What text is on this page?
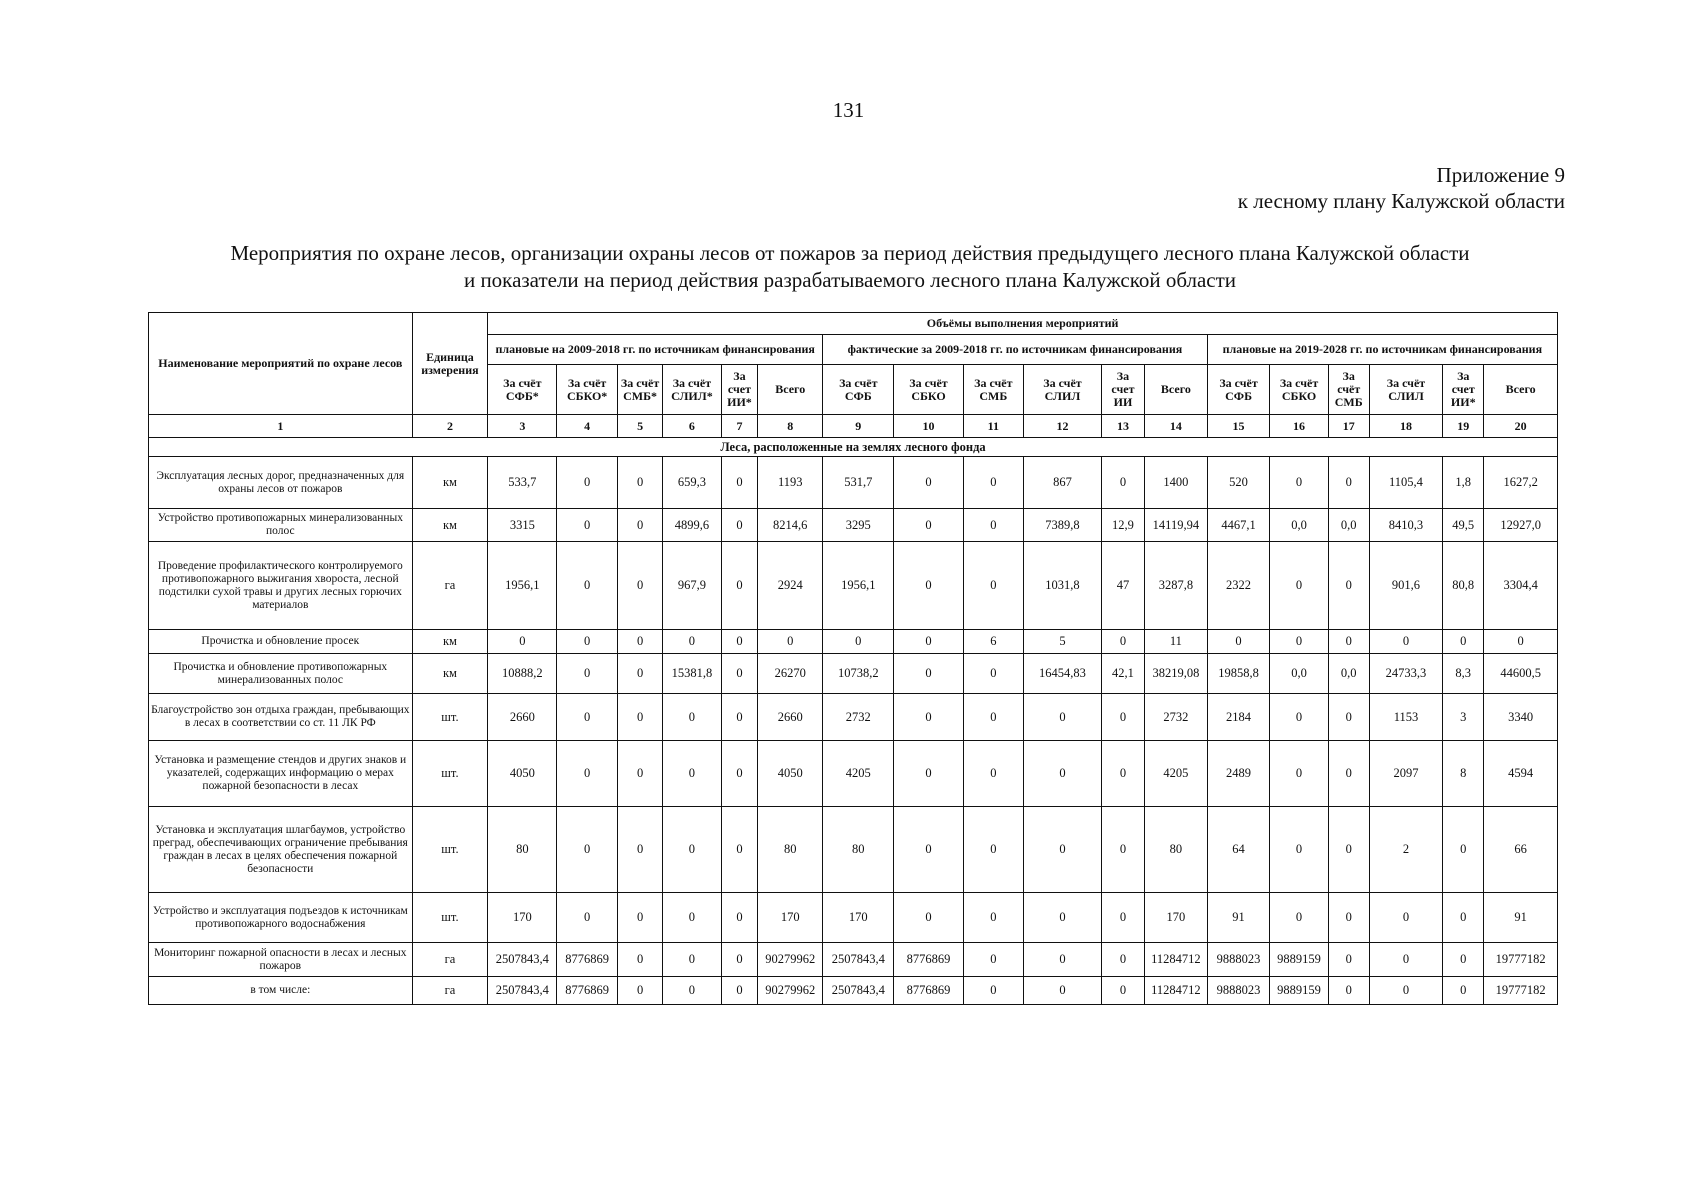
131
Приложение 9
к лесному плану Калужской области
Мероприятия по охране лесов, организации охраны лесов от пожаров за период действия предыдущего лесного плана Калужской области
и показатели на период действия разрабатываемого лесного плана Калужской области
Наименование мероприятий по охране лесов	Единица измерения	Объёмы выполнения мероприятий																	
		плановые на 2009-2018 гг. по источникам финансирования						фактические за 2009-2018 гг. по источникам финансирования						плановые на 2019-2028 гг. по источникам финансирования					
		За счёт СФБ*	За счёт СБКО*	За счёт СМБ*	За счёт СЛИЛ*	За счет ИИ*	Всего	За счёт СФБ	За счёт СБКО	За счёт СМБ	За счёт СЛИЛ	За счет ИИ	Всего	За счёт СФБ	За счёт СБКО	За счёт СМБ	За счёт СЛИЛ	За счет ИИ*	Всего
1	2	3	4	5	6	7	8	9	10	11	12	13	14	15	16	17	18	19	20
Леса, расположенные на землях лесного фонда																			
Эксплуатация лесных дорог, предназначенных для охраны лесов от пожаров	км	533,7	0	0	659,3	0	1193	531,7	0	0	867	0	1400	520	0	0	1105,4	1,8	1627,2
Устройство противопожарных минерализованных полос	км	3315	0	0	4899,6	0	8214,6	3295	0	0	7389,8	12,9	14119,94	4467,1	0,0	0,0	8410,3	49,5	12927,0
Проведение профилактического контролируемого противопожарного выжигания хвороста, лесной подстилки сухой травы и других лесных горючих материалов	га	1956,1	0	0	967,9	0	2924	1956,1	0	0	1031,8	47	3287,8	2322	0	0	901,6	80,8	3304,4
Прочистка и обновление просек	км	0	0	0	0	0	0	0	0	6	5	0	11	0	0	0	0	0	0
Прочистка и обновление противопожарных минерализованных полос	км	10888,2	0	0	15381,8	0	26270	10738,2	0	0	16454,83	42,1	38219,08	19858,8	0,0	0,0	24733,3	8,3	44600,5
Благоустройство зон отдыха граждан, пребывающих в лесах в соответствии со ст. 11 ЛК РФ	шт.	2660	0	0	0	0	2660	2732	0	0	0	0	2732	2184	0	0	1153	3	3340
Установка и размещение стендов и других знаков и указателей, содержащих информацию о мерах пожарной безопасности в лесах	шт.	4050	0	0	0	0	4050	4205	0	0	0	0	4205	2489	0	0	2097	8	4594
Установка и эксплуатация шлагбаумов, устройство преград, обеспечивающих ограничение пребывания граждан в лесах в целях обеспечения пожарной безопасности	шт.	80	0	0	0	0	80	80	0	0	0	0	80	64	0	0	2	0	66
Устройство и эксплуатация подъездов к источникам противопожарного водоснабжения	шт.	170	0	0	0	0	170	170	0	0	0	0	170	91	0	0	0	0	91
Мониторинг пожарной опасности в лесах и лесных пожаров	га	2507843,4	8776869	0	0	0	90279962	2507843,4	8776869	0	0	0	11284712	9888023	9889159	0	0	0	19777182
в том числе:	га	2507843,4	8776869	0	0	0	90279962	2507843,4	8776869	0	0	0	11284712	9888023	9889159	0	0	0	19777182
